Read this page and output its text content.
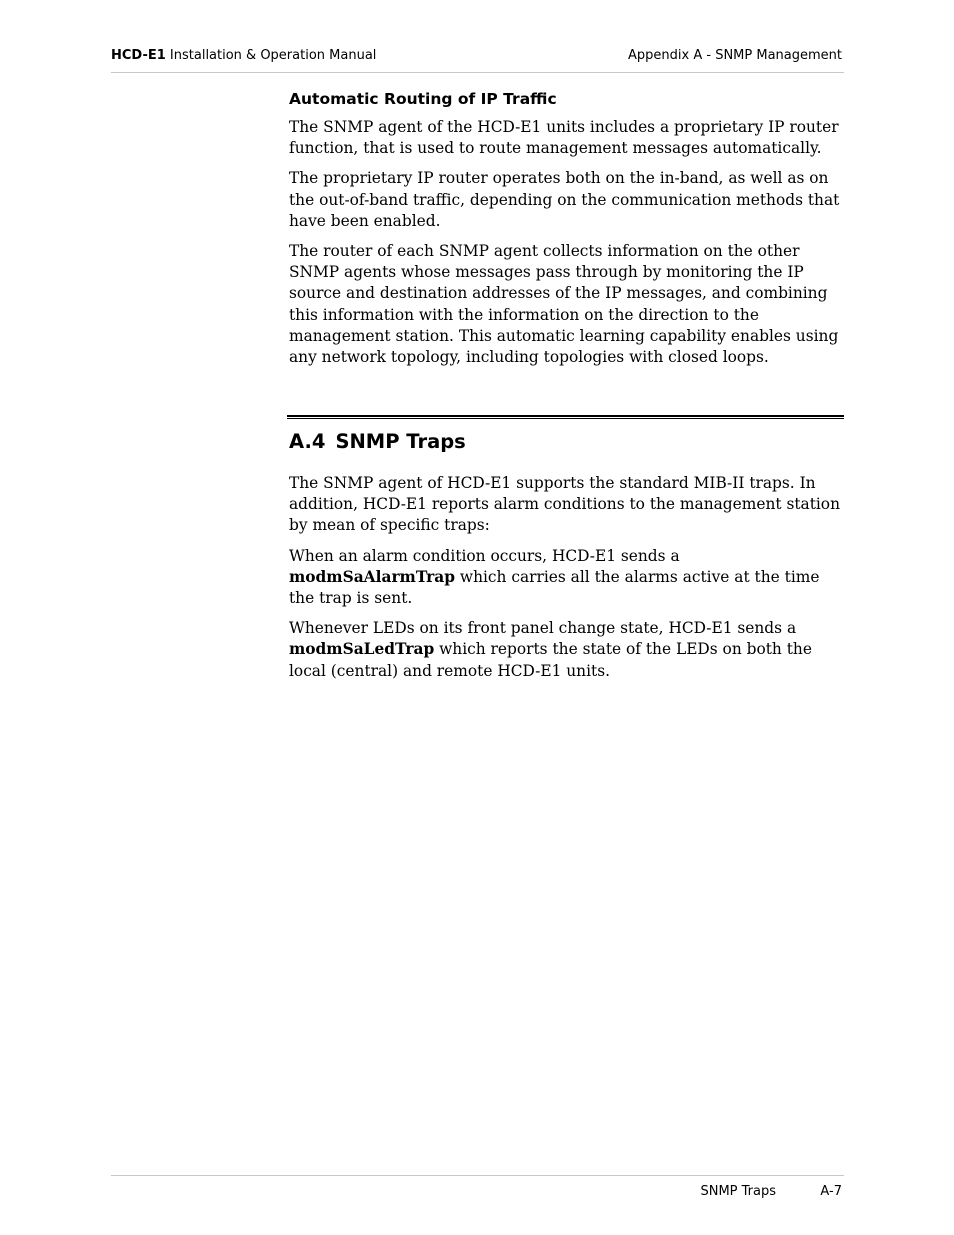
HCD-E1 Installation & Operation Manual	Appendix A - SNMP Management
Automatic Routing of IP Traffic

The SNMP agent of the HCD-E1 units includes a proprietary IP router function, that is used to route management messages automatically.

The proprietary IP router operates both on the in-band, as well as on the out-of-band traffic, depending on the communication methods that have been enabled.

The router of each SNMP agent collects information on the other SNMP agents whose messages pass through by monitoring the IP source and destination addresses of the IP messages, and combining this information with the information on the direction to the management station. This automatic learning capability enables using any network topology, including topologies with closed loops.

A.4 SNMP Traps

The SNMP agent of HCD-E1 supports the standard MIB-II traps. In addition, HCD-E1 reports alarm conditions to the management station by mean of specific traps:

When an alarm condition occurs, HCD-E1 sends a modmSaAlarmTrap which carries all the alarms active at the time the trap is sent.

Whenever LEDs on its front panel change state, HCD-E1 sends a modmSaLedTrap which reports the state of the LEDs on both the local (central) and remote HCD-E1 units.

SNMP Traps	A-7
